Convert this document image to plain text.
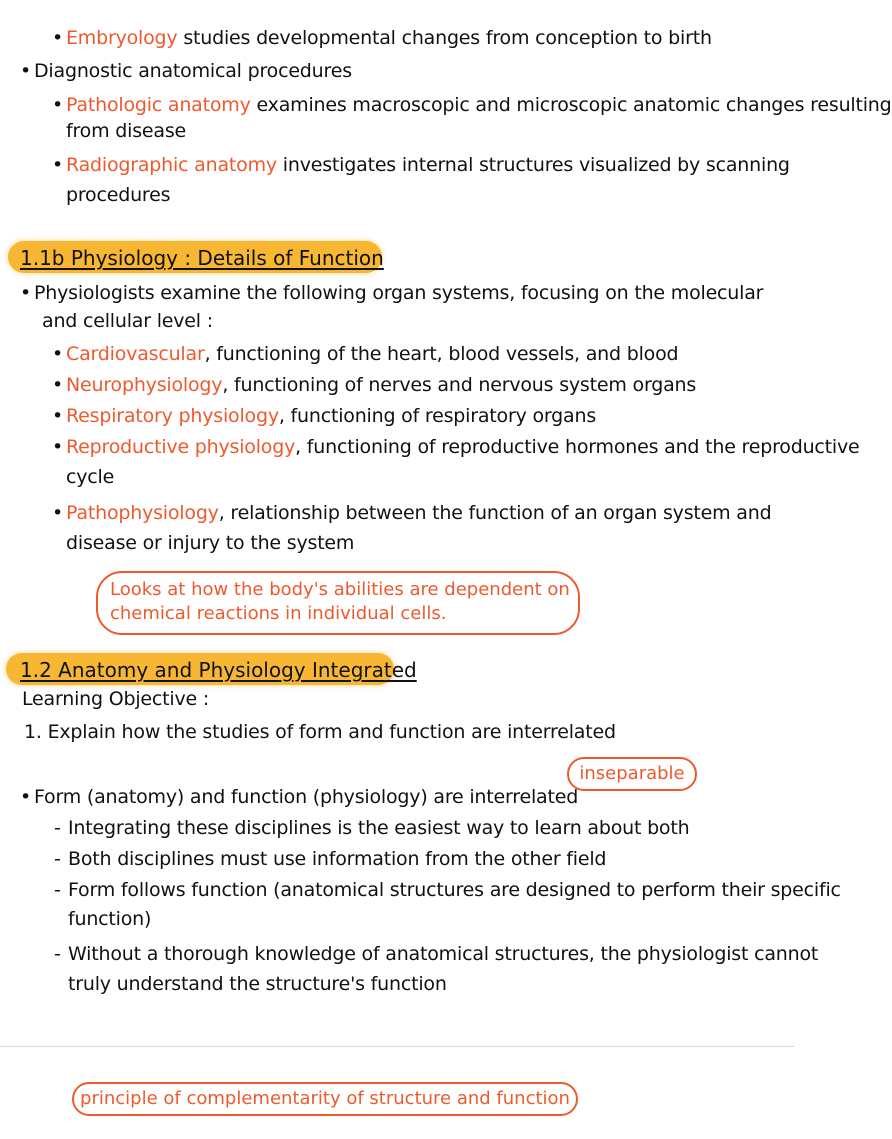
• Embryology studies developmental changes from conception to birth
• Diagnostic anatomical procedures
• Pathologic anatomy examines macroscopic and microscopic anatomic changes resulting
from disease
• Radiographic anatomy investigates internal structures visualized by scanning
procedures
1.1b Physiology : Details of Function
• Physiologists examine the following organ systems, focusing on the molecular
and cellular level :
• Cardiovascular, functioning of the heart, blood vessels, and blood
• Neurophysiology, functioning of nerves and nervous system organs
• Respiratory physiology, functioning of respiratory organs
• Reproductive physiology, functioning of reproductive hormones and the reproductive
cycle
• Pathophysiology, relationship between the function of an organ system and
disease or injury to the system
Looks at how the body's abilities are dependent on
chemical reactions in individual cells.
1.2 Anatomy and Physiology Integrated
Learning Objective :
1. Explain how the studies of form and function are interrelated
inseparable
• Form (anatomy) and function (physiology) are interrelated
- Integrating these disciplines is the easiest way to learn about both
- Both disciplines must use information from the other field
- Form follows function (anatomical structures are designed to perform their specific
function)
- Without a thorough knowledge of anatomical structures, the physiologist cannot
truly understand the structure's function
principle of complementarity of structure and function
